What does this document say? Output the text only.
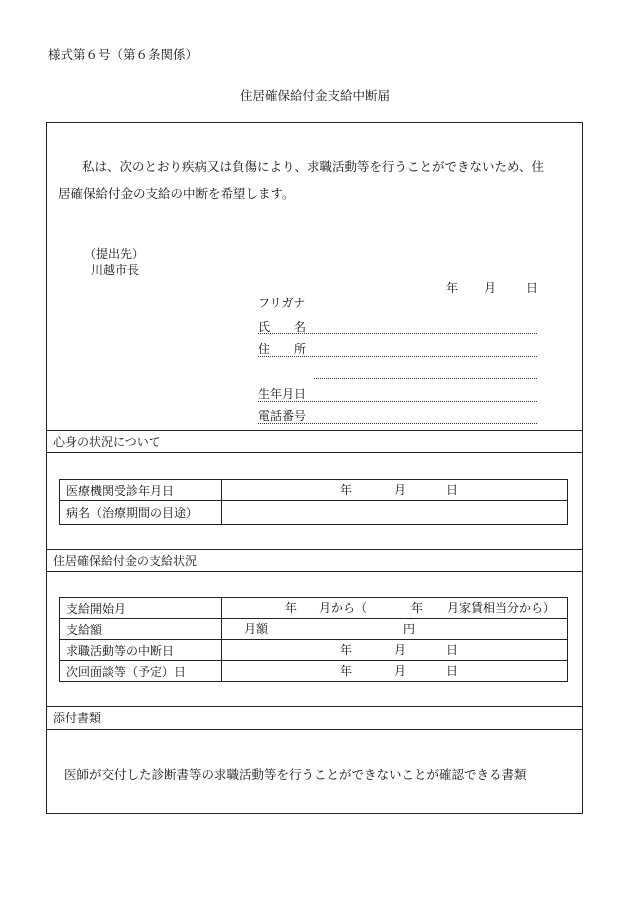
様式第６号（第６条関係）
住居確保給付金支給中断届
私は、次のとおり疾病又は負傷により、求職活動等を行うことができないため、住
居確保給付金の支給の中断を希望します。
（提出先）
川越市長
年 月 日
フリガナ
氏　　名
住　　所
生年月日
電話番号
心身の状況について
医療機関受診年月日	年 月 日

病名（治療期間の目途）	
住居確保給付金の支給状況
支給開始月	年 月から（ 年 月家賃相当分から）

支給額	月額 円

求職活動等の中断日	年 月 日

次回面談等（予定）日	年 月 日
添付書類
医師が交付した診断書等の求職活動等を行うことができないことが確認できる書類
